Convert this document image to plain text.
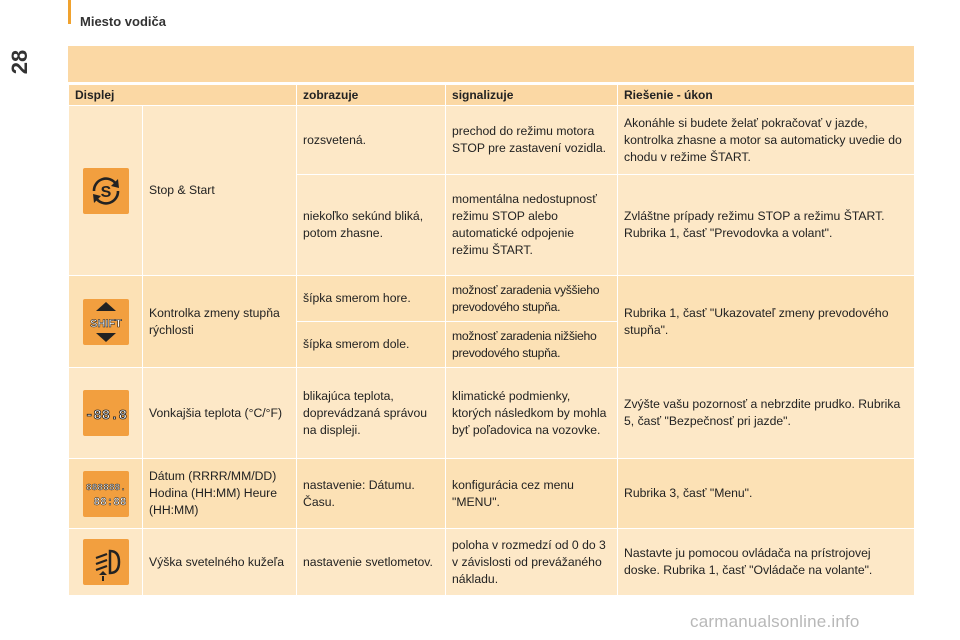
28
Miesto vodiča
Displej		zobrazuje	signalizuje	Riešenie - úkon

S	Stop & Start	rozsvetená.	prechod do režimu motora STOP pre zastavení vozidla.	Akonáhle si budete želať pokračovať v jazde, kontrolka zhasne a motor sa automaticky uvedie do chodu v režime ŠTART.
		niekoľko sekúnd bliká, potom zhasne.	momentálna nedostupnosť režimu STOP alebo automatické odpojenie režimu ŠTART.	Zvláštne prípady režimu STOP a režimu ŠTART. Rubrika 1, časť "Prevodovka a volant".

SHIFT	Kontrolka zmeny stupňa rýchlosti	šípka smerom hore.	možnosť zaradenia vyššieho prevodového stupňa.	Rubrika 1, časť "Ukazovateľ zmeny prevodového stupňa".
		šípka smerom dole.	možnosť zaradenia nižšieho prevodového stupňa.	

-88.8	Vonkajšia teplota (°C/°F)	blikajúca teplota, doprevádzaná správou na displeji.	klimatické podmienky, ktorých následkom by mohla byť poľadovica na vozovke.	Zvýšte vašu pozornosť a nebrzdite prudko. Rubrika 5, časť "Bezpečnosť pri jazde".

888888.
88:88	Dátum (RRRR/MM/DD) Hodina (HH:MM) Heure (HH:MM)	nastavenie: Dátumu. Času.	konfigurácia cez menu "MENU".	Rubrika 3, časť "Menu".

	Výška svetelného kužeľa	nastavenie svetlometov.	poloha v rozmedzí od 0 do 3 v závislosti od prevážaného nákladu.	Nastavte ju pomocou ovládača na prístrojovej doske. Rubrika 1, časť "Ovládače na volante".
carmanualsonline.info
